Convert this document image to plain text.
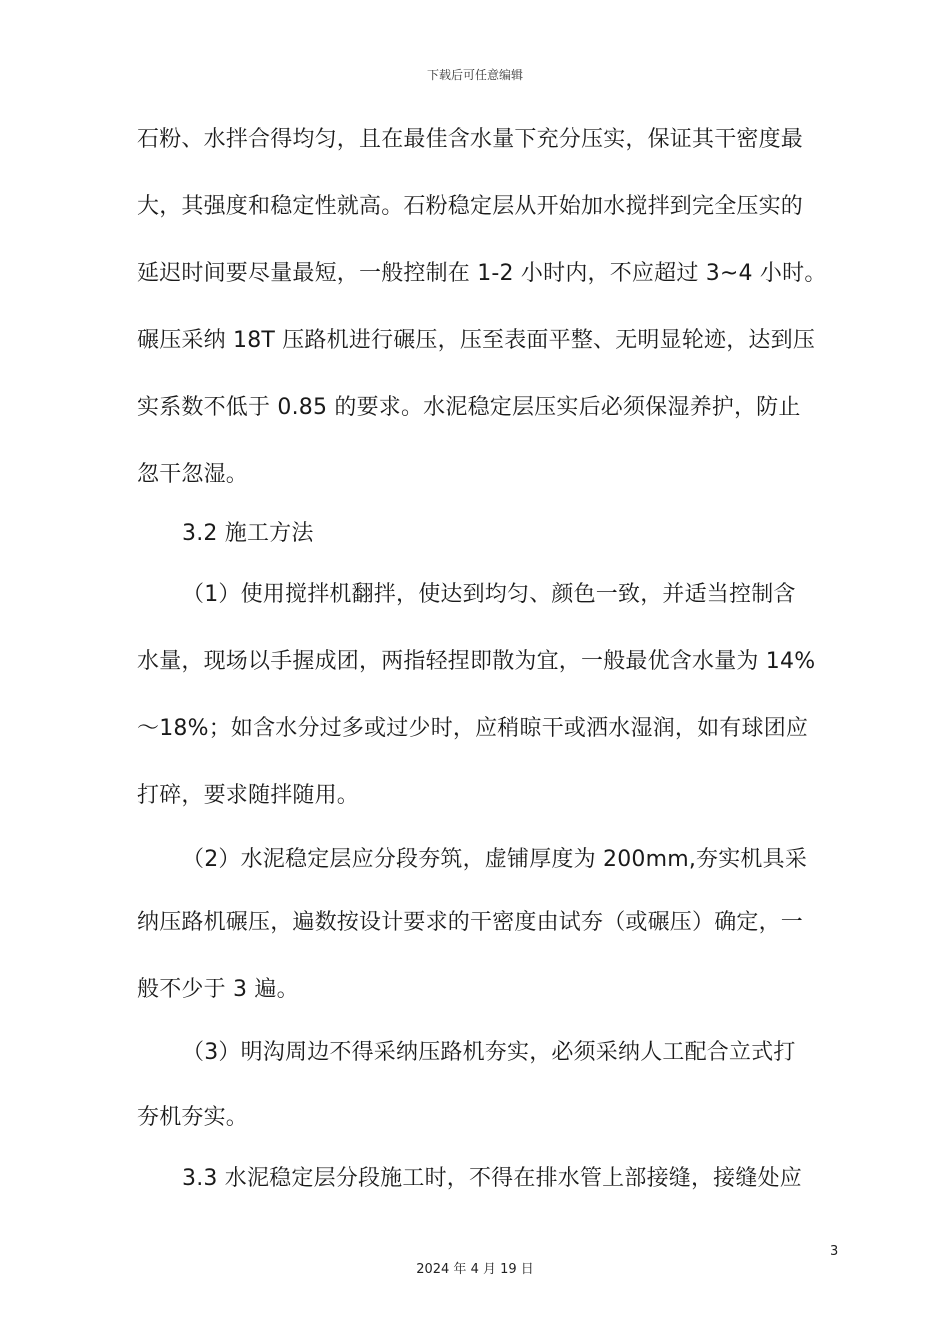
下载后可任意编辑
石粉、水拌合得均匀，且在最佳含水量下充分压实，保证其干密度最
大，其强度和稳定性就高。石粉稳定层从开始加水搅拌到完全压实的
延迟时间要尽量最短，一般控制在 1-2 小时内，不应超过 3~4 小时。
碾压采纳 18T 压路机进行碾压，压至表面平整、无明显轮迹，达到压
实系数不低于 0.85 的要求。水泥稳定层压实后必须保湿养护，防止
忽干忽湿。
3.2 施工方法
（1）使用搅拌机翻拌，使达到均匀、颜色一致，并适当控制含
水量，现场以手握成团，两指轻捏即散为宜，一般最优含水量为 14%
～18%；如含水分过多或过少时，应稍晾干或洒水湿润，如有球团应
打碎，要求随拌随用。
（2）水泥稳定层应分段夯筑，虚铺厚度为 200mm,夯实机具采
纳压路机碾压，遍数按设计要求的干密度由试夯（或碾压）确定，一
般不少于 3 遍。
（3）明沟周边不得采纳压路机夯实，必须采纳人工配合立式打
夯机夯实。
3.3 水泥稳定层分段施工时，不得在排水管上部接缝，接缝处应
3
2024 年 4 月 19 日
